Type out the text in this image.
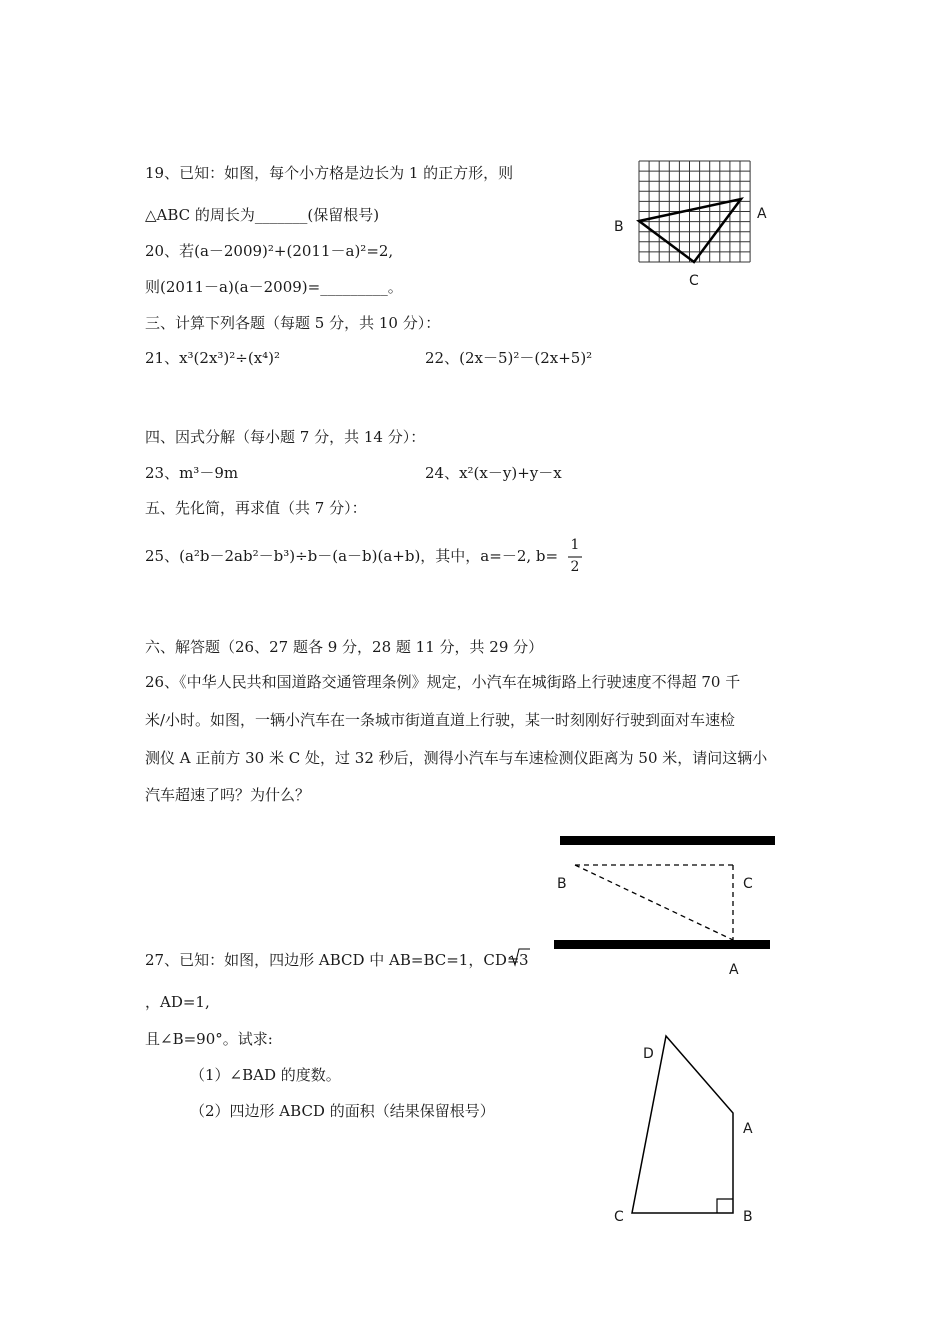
19、已知：如图，每个小方格是边长为 1 的正方形，则
△ABC 的周长为_______(保留根号)	A
B
C
20、若(a－2009)²+(2011－a)²=2,
则(2011－a)(a－2009)=_________。
三、计算下列各题（每题 5 分，共 10 分）：
21、x³(2x³)²÷(x⁴)²	22、(2x－5)²－(2x+5)²
四、因式分解（每小题 7 分，共 14 分）：
23、m³－9m	24、x²(x－y)+y－x
五、先化简，再求值（共 7 分）：
25、(a²b－2ab²－b³)÷b－(a－b)(a+b)，其中，a=－2, b=
1
2
六、解答题（26、27 题各 9 分，28 题 11 分，共 29 分）
26、《中华人民共和国道路交通管理条例》规定，小汽车在城街路上行驶速度不得超 70 千
米/小时。如图，一辆小汽车在一条城市街道直道上行驶，某一时刻刚好行驶到面对车速检
测仪 A 正前方 30 米 C 处，过 32 秒后，测得小汽车与车速检测仪距离为 50 米，请问这辆小
汽车超速了吗？为什么？
B	C
A
27、已知：如图，四边形 ABCD 中 AB=BC=1，CD= 3
，AD=1,
且∠B=90°。试求:
（1）∠BAD 的度数。
（2）四边形 ABCD 的面积（结果保留根号）
D
A
C	B
